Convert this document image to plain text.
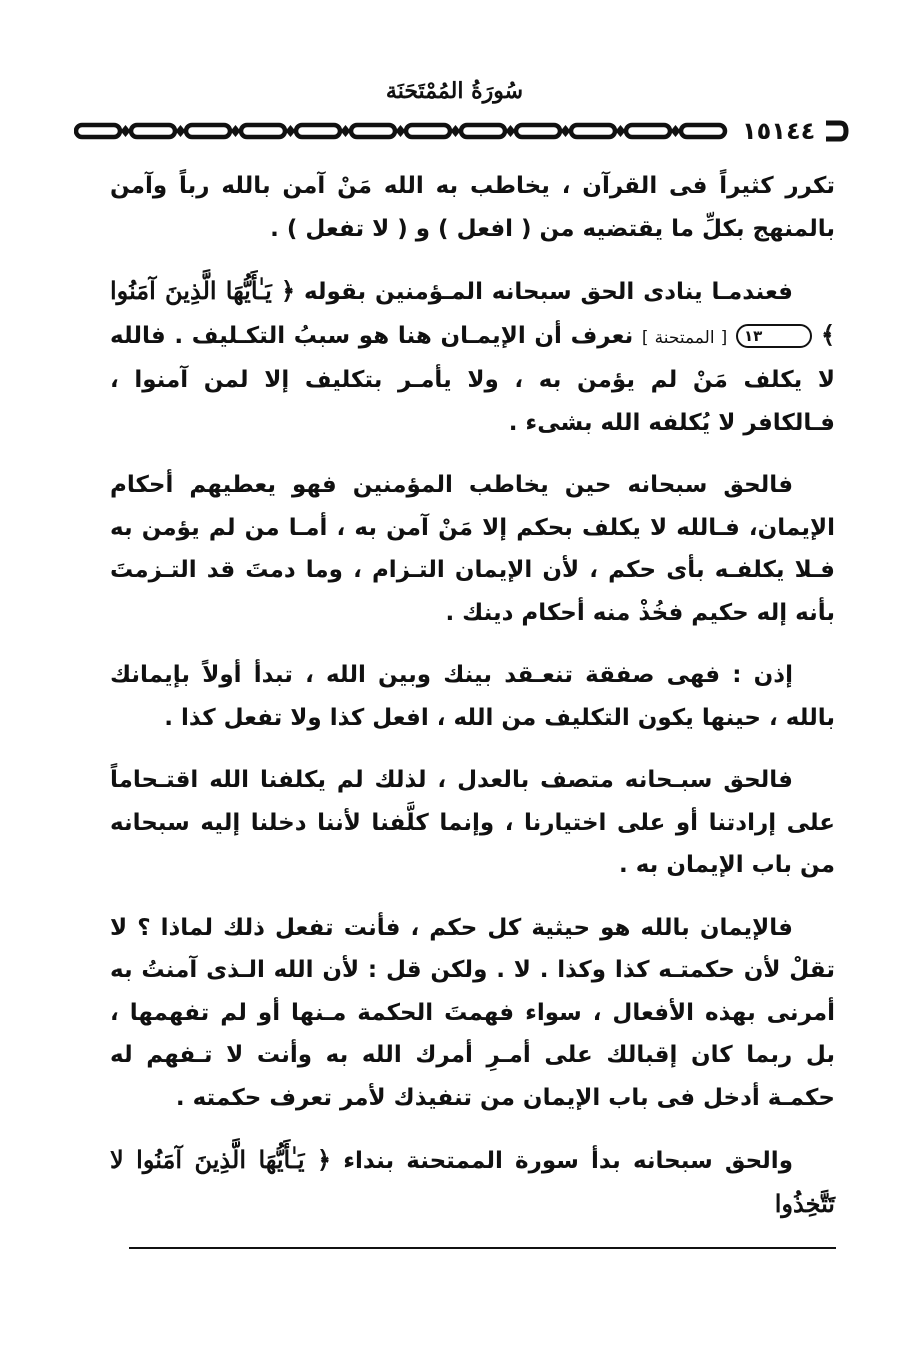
سُورَةُ المُمْتَحَنَة
١٥١٤٤

تكرر كثيراً فى القرآن ، يخاطب به الله مَنْ آمن بالله رباً وآمن بالمنهج بكلِّ ما يقتضيه من ( افعل ) و ( لا تفعل ) .

فعندمـا ينادى الحق سبحانه المـؤمنين بقوله ﴿ يَـٰأَيُّهَا الَّذِينَ آمَنُوا ﴾ ١٣ [ الممتحنة ] نعرف أن الإيمـان هنا هو سببُ التكـليف . فالله لا يكلف مَنْ لم يؤمن به ، ولا يأمـر بتكليف إلا لمن آمنوا ، فـالكافر لا يُكلفه الله بشىء .

فالحق سبحانه حين يخاطب المؤمنين فهو يعطيهم أحكام الإيمان، فـالله لا يكلف بحكم إلا مَنْ آمن به ، أمـا من لم يؤمن به فـلا يكلفـه بأى حكم ، لأن الإيمان التـزام ، وما دمتَ قد التـزمتَ بأنه إله حكيم فخُذْ منه أحكام دينك .

إذن : فهى صفقة تنعـقد بينك وبين الله ، تبدأ أولاً بإيمانك بالله ، حينها يكون التكليف من الله ، افعل كذا ولا تفعل كذا .

فالحق سبـحانه متصف بالعدل ، لذلك لم يكلفنا الله اقتـحاماً على إرادتنا أو على اختيارنا ، وإنما كلَّفنا لأننا دخلنا إليه سبحانه من باب الإيمان به .

فالإيمان بالله هو حيثية كل حكم ، فأنت تفعل ذلك لماذا ؟ لا تقلْ لأن حكمتـه كذا وكذا . لا . ولكن قل : لأن الله الـذى آمنتُ به أمرنى بهذه الأفعال ، سواء فهمتَ الحكمة مـنها أو لم تفهمها ، بل ربما كان إقبالك على أمـرِ أمرك الله به وأنت لا تـفهم له حكمـة أدخل فى باب الإيمان من تنفيذك لأمر تعرف حكمته .

والحق سبحانه بدأ سورة الممتحنة بنداء ﴿ يَـٰأَيُّهَا الَّذِينَ آمَنُوا لا تَتَّخِذُوا
